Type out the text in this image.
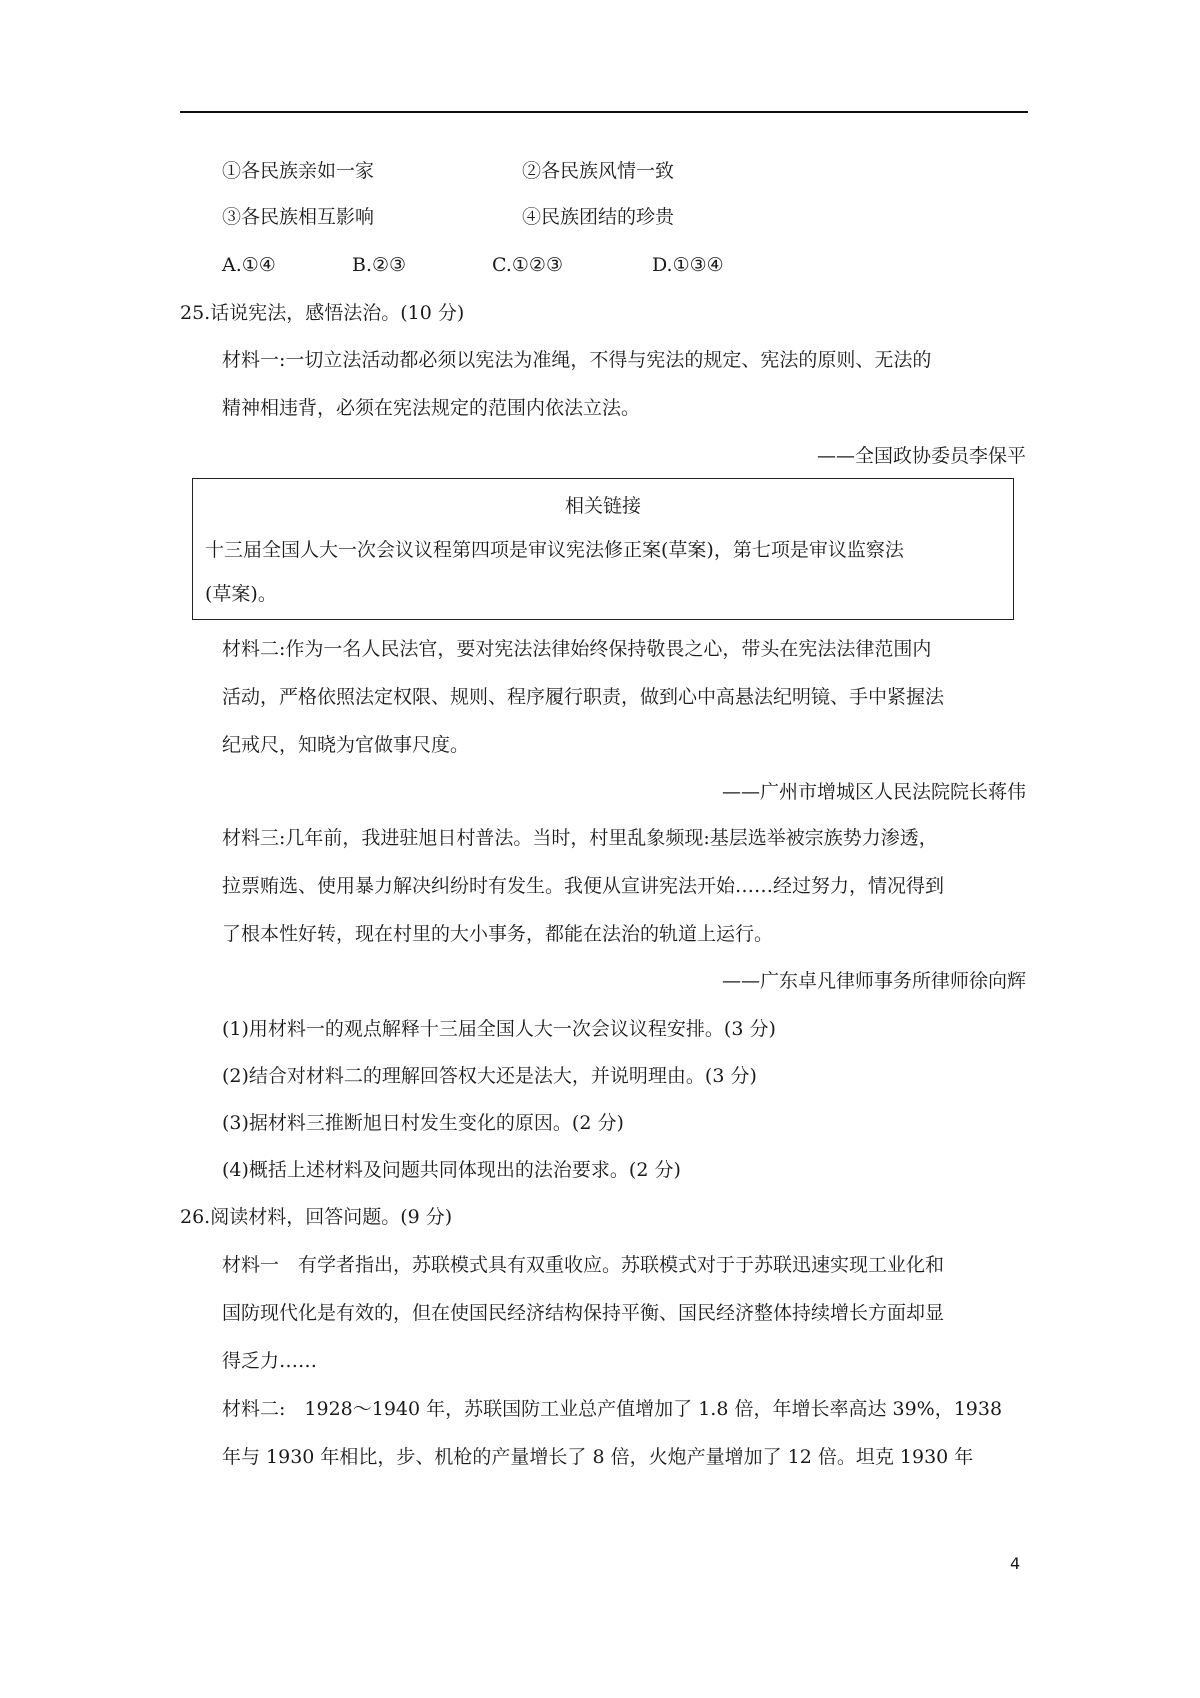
①各民族亲如一家	②各民族风情一致
③各民族相互影响	④民族团结的珍贵
A.①④	B.②③	C.①②③	D.①③④
25.话说宪法，感悟法治。(10 分)
材料一:一切立法活动都必须以宪法为准绳，不得与宪法的规定、宪法的原则、无法的
精神相违背，必须在宪法规定的范围内依法立法。
——全国政协委员李保平
相关链接
十三届全国人大一次会议议程第四项是审议宪法修正案(草案)，第七项是审议监察法
(草案)。
材料二:作为一名人民法官，要对宪法法律始终保持敬畏之心，带头在宪法法律范围内
活动，严格依照法定权限、规则、程序履行职责，做到心中高悬法纪明镜、手中紧握法
纪戒尺，知晓为官做事尺度。
——广州市增城区人民法院院长蒋伟
材料三:几年前，我进驻旭日村普法。当时，村里乱象频现:基层选举被宗族势力渗透，
拉票贿选、使用暴力解决纠纷时有发生。我便从宣讲宪法开始……经过努力，情况得到
了根本性好转，现在村里的大小事务，都能在法治的轨道上运行。
——广东卓凡律师事务所律师徐向辉
(1)用材料一的观点解释十三届全国人大一次会议议程安排。(3 分)
(2)结合对材料二的理解回答权大还是法大，并说明理由。(3 分)
(3)据材料三推断旭日村发生变化的原因。(2 分)
(4)概括上述材料及问题共同体现出的法治要求。(2 分)
26.阅读材料，回答问题。(9 分)
材料一　有学者指出，苏联模式具有双重收应。苏联模式对于于苏联迅速实现工业化和
国防现代化是有效的，但在使国民经济结构保持平衡、国民经济整体持续增长方面却显
得乏力……
材料二:　1928～1940 年，苏联国防工业总产值增加了 1.8 倍，年增长率高达 39%，1938
年与 1930 年相比，步、机枪的产量增长了 8 倍，火炮产量增加了 12 倍。坦克 1930 年
4
